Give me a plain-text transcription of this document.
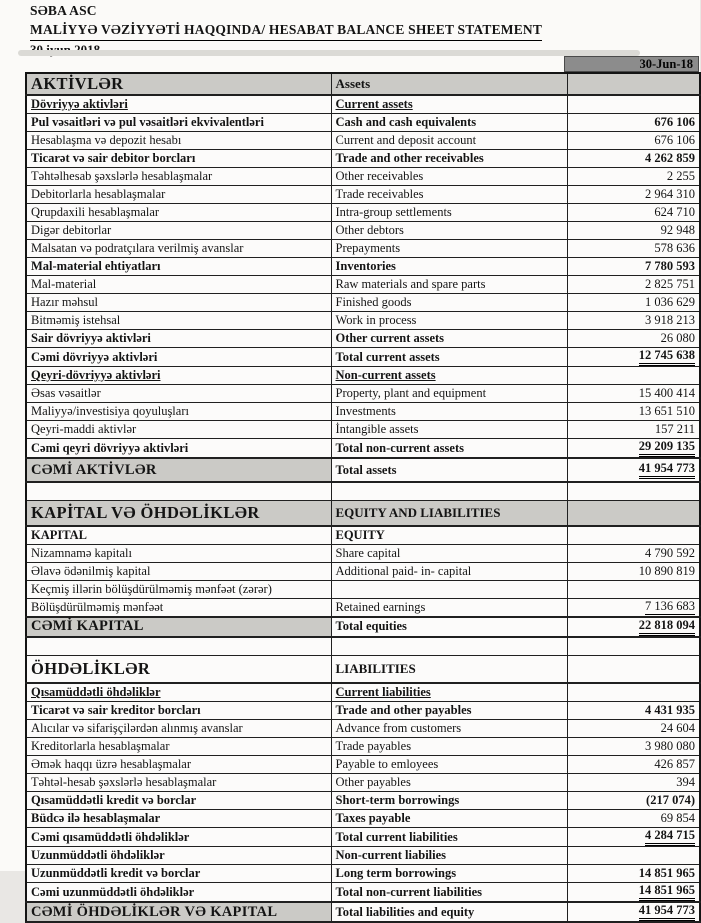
SƏBA ASC
MALİYYƏ VƏZİYYƏTİ HAQQINDA/ HESABAT BALANCE SHEET STATEMENT
30-Jun-18
AKTİVLƏR	Assets	
Dövriyyə aktivləri	Current assets	
Pul vəsaitləri və pul vəsaitləri ekvivalentləri	Cash and cash equivalents	676 106
Hesablaşma və depozit hesabı	Current and deposit account	676 106
Ticarət və sair debitor borcları	Trade and other receivables	4 262 859
Təhtəlhesab şəxslərlə hesablaşmalar	Other receivables	2 255
Debitorlarla hesablaşmalar	Trade receivables	2 964 310
Qrupdaxili hesablaşmalar	Intra-group settlements	624 710
Digər debitorlar	Other debtors	92 948
Malsatan və podratçılara verilmiş avanslar	Prepayments	578 636
Mal-material ehtiyatları	Inventories	7 780 593
Mal-material	Raw materials and spare parts	2 825 751
Hazır məhsul	Finished goods	1 036 629
Bitməmiş istehsal	Work in process	3 918 213
Sair dövriyyə aktivləri	Other current assets	26 080
Cəmi dövriyyə aktivləri	Total current assets	12 745 638
Qeyri-dövriyyə aktivləri	Non-current assets	
Əsas vəsaitlər	Property, plant and equipment	15 400 414
Maliyyə/investisiya qoyuluşları	Investments	13 651 510
Qeyri-maddi aktivlər	İntangible assets	157 211
Cəmi qeyri dövriyyə aktivləri	Total non-current assets	29 209 135
CƏMİ AKTİVLƏR	Total assets	41 954 773

KAPİTAL VƏ ÖHDƏLİKLƏR	EQUITY AND LIABILITIES	
KAPITAL	EQUITY	
Nizamnamə kapitalı	Share capital	4 790 592
Əlavə ödənilmiş kapital	Additional paid- in- capital	10 890 819
Keçmiş illərin bölüşdürülməmiş mənfəət (zərər)		
Bölüşdürülməmiş mənfəət	Retained earnings	7 136 683
CƏMİ KAPITAL	Total equities	22 818 094

ÖHDƏLİKLƏR	LIABILITIES	
Qısamüddətli öhdəliklər	Current liabilities	
Ticarət və sair kreditor borcları	Trade and other payables	4 431 935
Alıcılar və sifarişçilərdən alınmış avanslar	Advance from customers	24 604
Kreditorlarla hesablaşmalar	Trade payables	3 980 080
Əmək haqqı üzrə hesablaşmalar	Payable to emloyees	426 857
Təhtəl-hesab şəxslərlə hesablaşmalar	Other payables	394
Qısamüddətli kredit və borclar	Short-term borrowings	(217 074)
Büdcə ilə hesablaşmalar	Taxes payable	69 854
Cəmi qısamüddətli öhdəliklər	Total current liabilities	4 284 715
Uzunmüddətli öhdəliklər	Non-current liabilies	
Uzunmüddətli kredit və borclar	Long term borrowings	14 851 965
Cəmi uzunmüddətli öhdəliklər	Total non-current liabilities	14 851 965
CƏMİ ÖHDƏLİKLƏR VƏ KAPITAL	Total liabilities and equity	41 954 773
